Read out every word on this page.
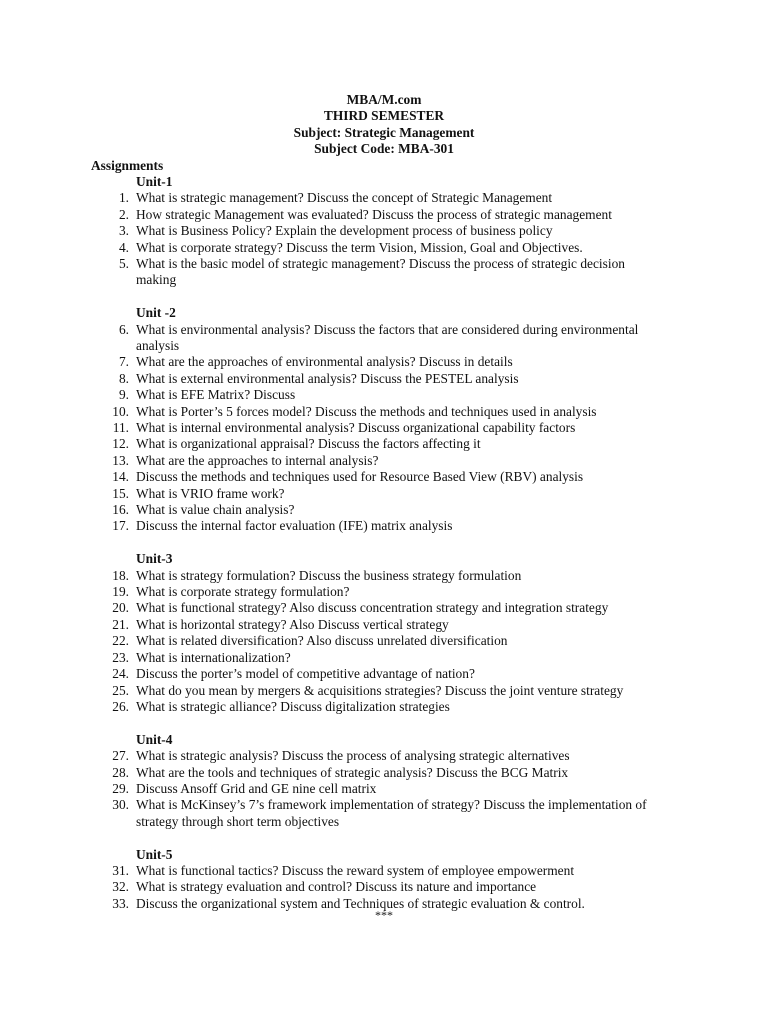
MBA/M.com
THIRD SEMESTER
Subject: Strategic Management
Subject Code: MBA-301
Assignments
Unit-1
1. What is strategic management? Discuss the concept of Strategic Management
2. How strategic Management was evaluated? Discuss the process of strategic management
3. What is Business Policy? Explain the development process of business policy
4. What is corporate strategy? Discuss the term Vision, Mission, Goal and Objectives.
5. What is the basic model of strategic management? Discuss the process of strategic decision making
Unit -2
6. What is environmental analysis? Discuss the factors that are considered during environmental analysis
7. What are the approaches of environmental analysis? Discuss in details
8. What is external environmental analysis? Discuss the PESTEL analysis
9. What is EFE Matrix? Discuss
10. What is Porter’s 5 forces model? Discuss the methods and techniques used in analysis
11. What is internal environmental analysis? Discuss organizational capability factors
12. What is organizational appraisal? Discuss the factors affecting it
13. What are the approaches to internal analysis?
14. Discuss the methods and techniques used for Resource Based View (RBV) analysis
15. What is VRIO frame work?
16. What is value chain analysis?
17. Discuss the internal factor evaluation (IFE) matrix analysis
Unit-3
18. What is strategy formulation? Discuss the business strategy formulation
19. What is corporate strategy formulation?
20. What is functional strategy? Also discuss concentration strategy and integration strategy
21. What is horizontal strategy? Also Discuss vertical strategy
22. What is related diversification? Also discuss unrelated diversification
23. What is internationalization?
24. Discuss the porter’s model of competitive advantage of nation?
25. What do you mean by mergers & acquisitions strategies? Discuss the joint venture strategy
26. What is strategic alliance? Discuss digitalization strategies
Unit-4
27. What is strategic analysis? Discuss the process of analysing strategic alternatives
28. What are the tools and techniques of strategic analysis? Discuss the BCG Matrix
29. Discuss Ansoff Grid and GE nine cell matrix
30. What is McKinsey’s 7’s framework implementation of strategy? Discuss the implementation of strategy through short term objectives
Unit-5
31. What is functional tactics? Discuss the reward system of employee empowerment
32. What is strategy evaluation and control? Discuss its nature and importance
33. Discuss the organizational system and Techniques of strategic evaluation & control.
***
